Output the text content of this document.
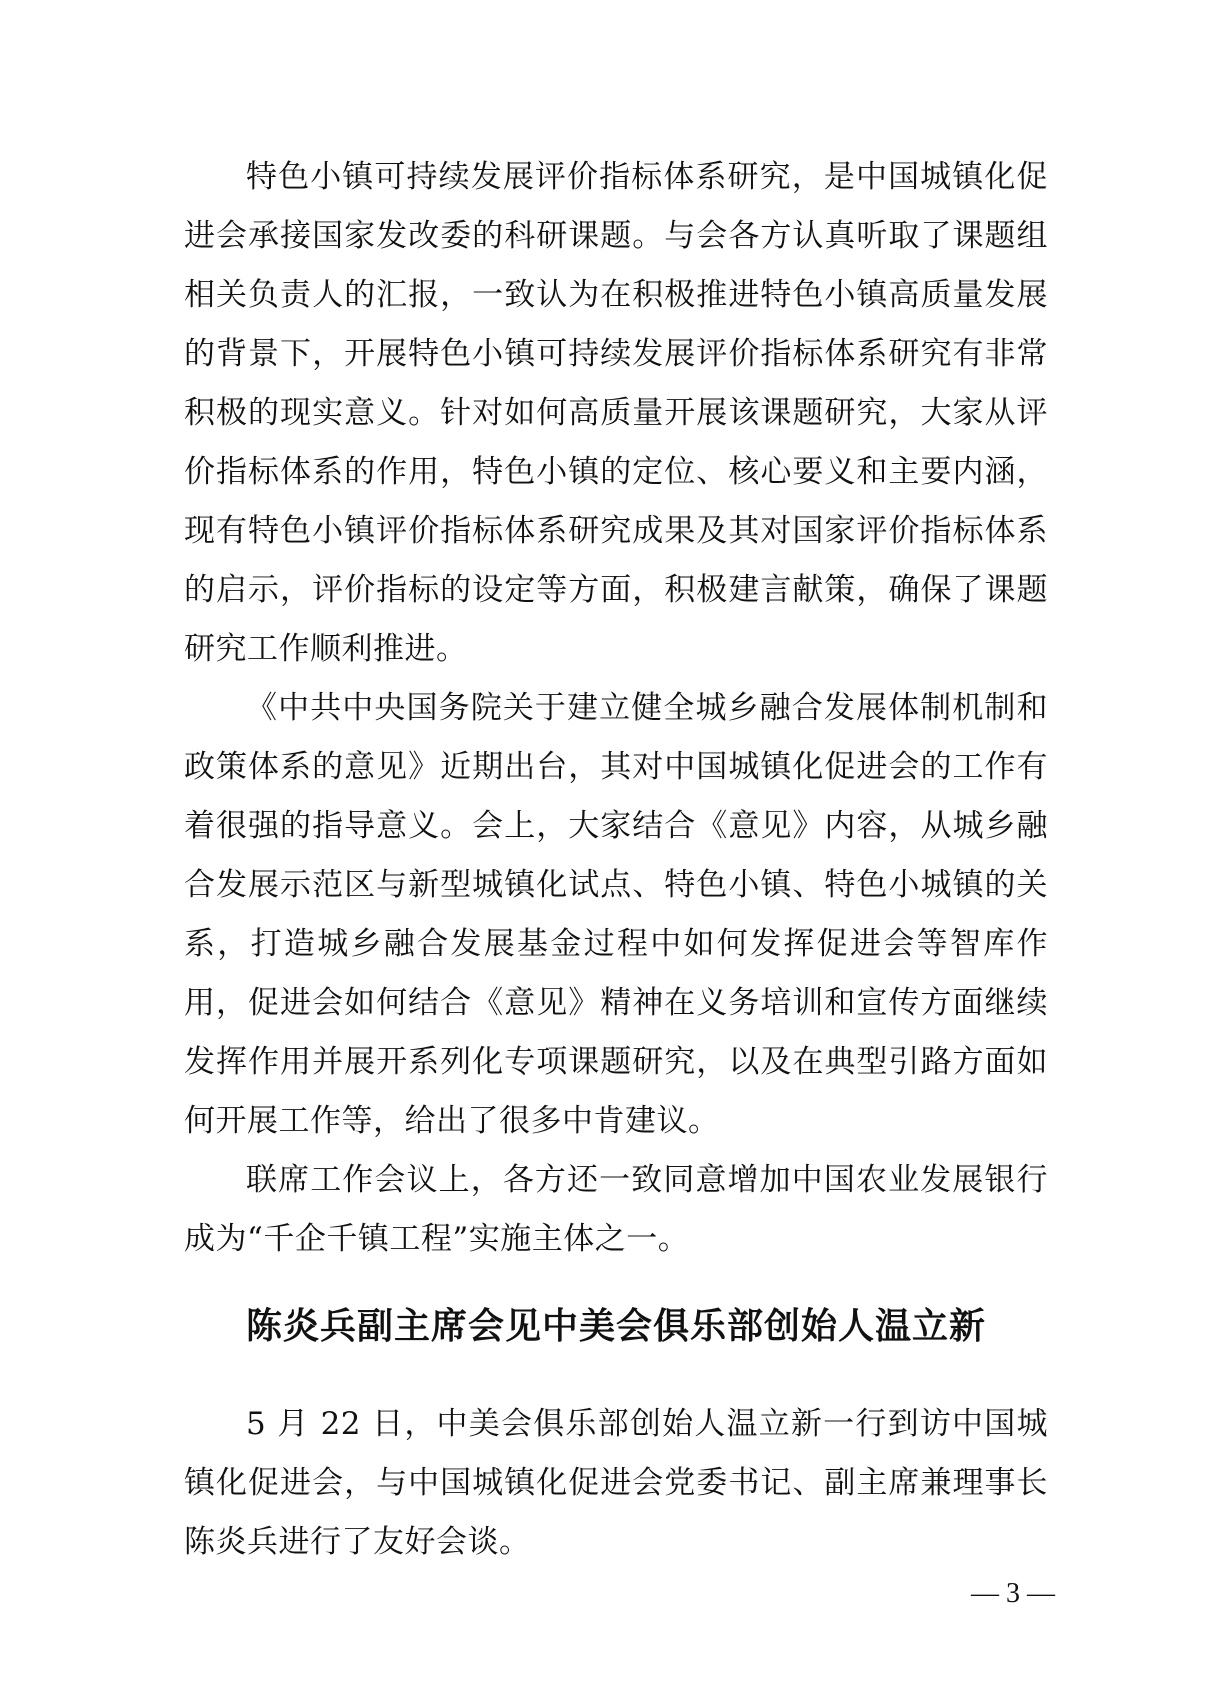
特色小镇可持续发展评价指标体系研究，是中国城镇化促进会承接国家发改委的科研课题。与会各方认真听取了课题组相关负责人的汇报，一致认为在积极推进特色小镇高质量发展的背景下，开展特色小镇可持续发展评价指标体系研究有非常积极的现实意义。针对如何高质量开展该课题研究，大家从评价指标体系的作用，特色小镇的定位、核心要义和主要内涵，现有特色小镇评价指标体系研究成果及其对国家评价指标体系的启示，评价指标的设定等方面，积极建言献策，确保了课题研究工作顺利推进。

《中共中央国务院关于建立健全城乡融合发展体制机制和政策体系的意见》近期出台，其对中国城镇化促进会的工作有着很强的指导意义。会上，大家结合《意见》内容，从城乡融合发展示范区与新型城镇化试点、特色小镇、特色小城镇的关系，打造城乡融合发展基金过程中如何发挥促进会等智库作用，促进会如何结合《意见》精神在义务培训和宣传方面继续发挥作用并展开系列化专项课题研究，以及在典型引路方面如何开展工作等，给出了很多中肯建议。

联席工作会议上，各方还一致同意增加中国农业发展银行成为“千企千镇工程”实施主体之一。

陈炎兵副主席会见中美会俱乐部创始人温立新

5 月 22 日，中美会俱乐部创始人温立新一行到访中国城镇化促进会，与中国城镇化促进会党委书记、副主席兼理事长陈炎兵进行了友好会谈。

— 3 —
